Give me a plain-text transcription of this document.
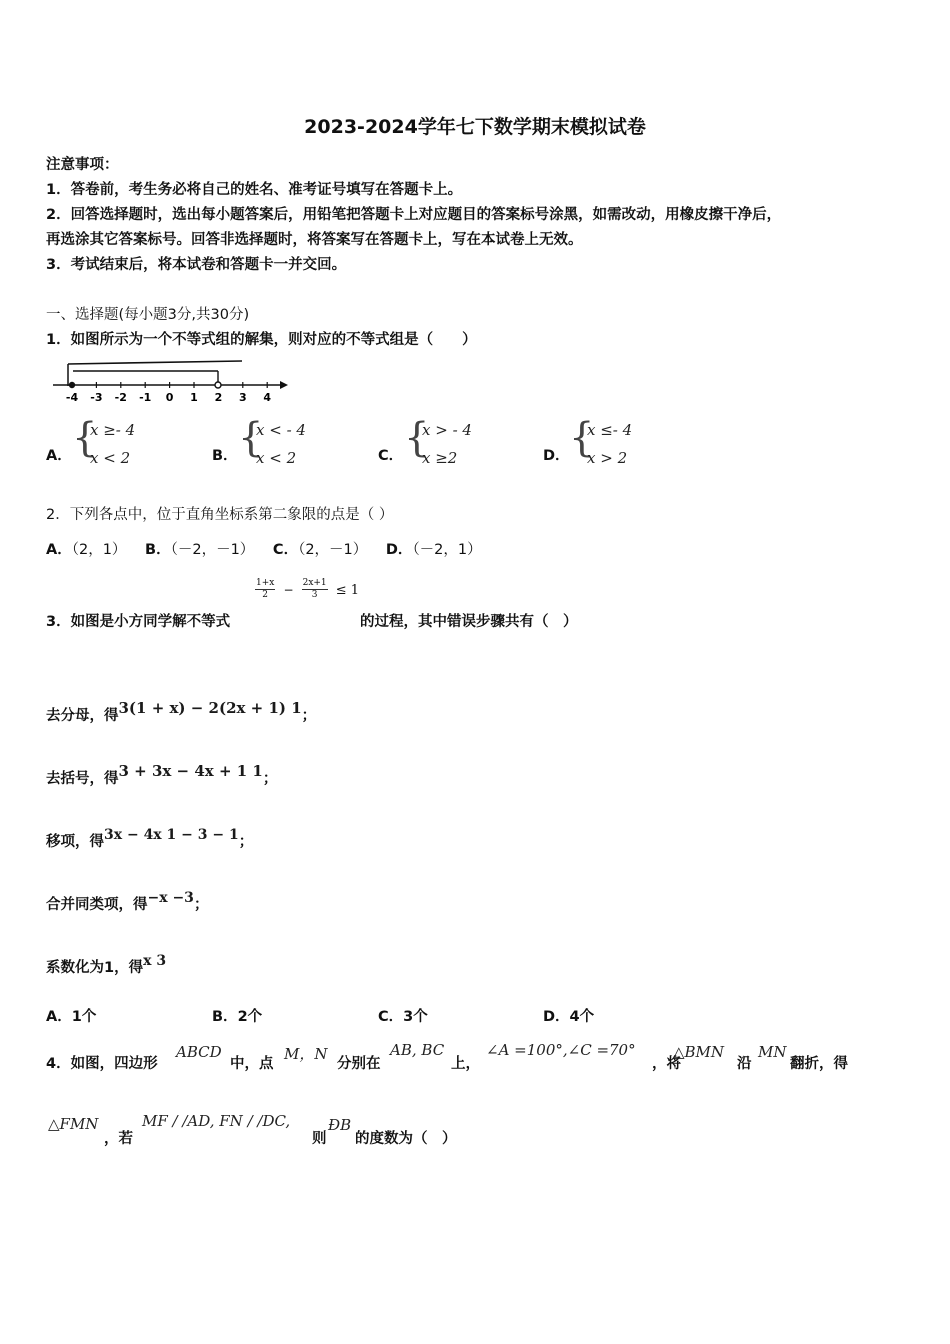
2023-2024学年七下数学期末模拟试卷
注意事项：
1．答卷前，考生务必将自己的姓名、准考证号填写在答题卡上。
2．回答选择题时，选出每小题答案后，用铅笔把答题卡上对应题目的答案标号涂黑，如需改动，用橡皮擦干净后，
再选涂其它答案标号。回答非选择题时，将答案写在答题卡上，写在本试卷上无效。
3．考试结束后，将本试卷和答题卡一并交回。
一、选择题(每小题3分,共30分)
1．如图所示为一个不等式组的解集，则对应的不等式组是（　　）
-4 -3 -2 -1 0 1 2 3 4
A． {
x ≥- 4
x < 2	B． {
x < - 4
x < 2	C． {
x > - 4
x ≥2	D． {
x ≤- 4
x > 2
2．下列各点中，位于直角坐标系第二象限的点是（ ）
A．（2，1） B．（－2，－1） C．（2，－1） D．（－2，1）
$\frac{1+x}{2} - \frac{2x+1}{3} \le 1$
3．如图是小方同学解不等式	的过程，其中错误步骤共有（　）
去分母，得3(1 + x) − 2(2x + 1) 1；
去括号，得3 + 3x − 4x + 1 1；
移项，得3x − 4x 1 − 3 − 1；
合并同类项，得−x −3；
系数化为1，得x 3
A．1个	B．2个	C．3个	D．4个
4．如图，四边形
ABCD
中，点
M，N
分别在
AB, BC
上，
∠A =100°,∠C =70°
，将
△BMN
沿
MN
翻折，得
△FMN
，若
MF / /AD, FN / /DC,
则
ÐB
的度数为（　）
